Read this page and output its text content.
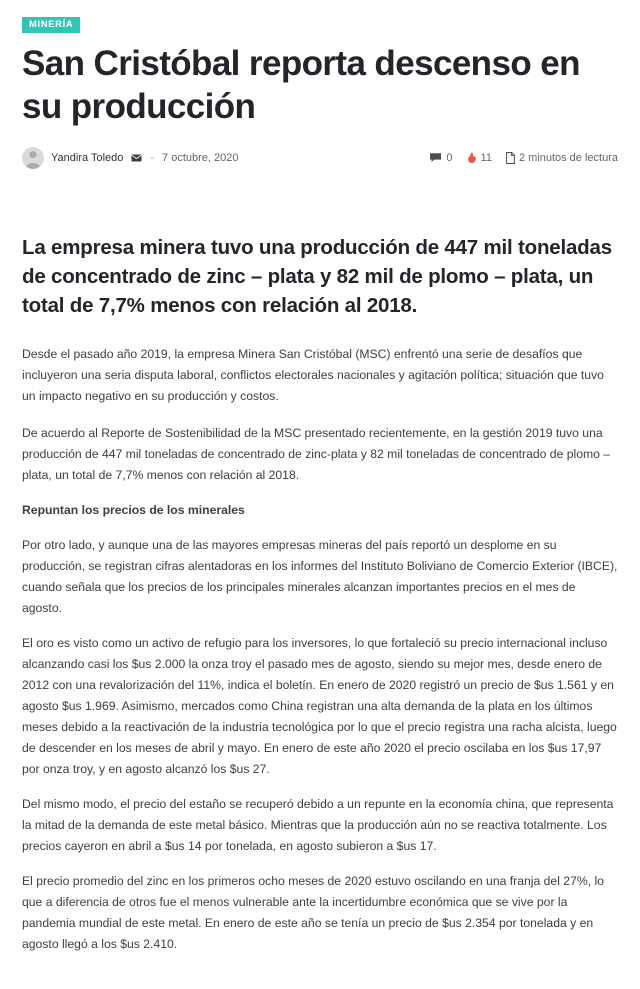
MINERÍA
San Cristóbal reporta descenso en su producción
Yandira Toledo - 7 octubre, 2020	0	11 2 minutos de lectura
La empresa minera tuvo una producción de 447 mil toneladas de concentrado de zinc – plata y 82 mil de plomo – plata, un total de 7,7% menos con relación al 2018.

Desde el pasado año 2019, la empresa Minera San Cristóbal (MSC) enfrentó una serie de desafíos que incluyeron una seria disputa laboral, conflictos electorales nacionales y agitación política; situación que tuvo un impacto negativo en su producción y costos.

De acuerdo al Reporte de Sostenibilidad de la MSC presentado recientemente, en la gestión 2019 tuvo una producción de 447 mil toneladas de concentrado de zinc-plata y 82 mil toneladas de concentrado de plomo – plata, un total de 7,7% menos con relación al 2018.

Repuntan los precios de los minerales

Por otro lado, y aunque una de las mayores empresas mineras del país reportó un desplome en su producción, se registran cifras alentadoras en los informes del Instituto Boliviano de Comercio Exterior (IBCE), cuando señala que los precios de los principales minerales alcanzan importantes precios en el mes de agosto.

El oro es visto como un activo de refugio para los inversores, lo que fortaleció su precio internacional incluso alcanzando casi los $us 2.000 la onza troy el pasado mes de agosto, siendo su mejor mes, desde enero de 2012 con una revalorización del 11%, indica el boletín. En enero de 2020 registró un precio de $us 1.561 y en agosto $us 1.969. Asimismo, mercados como China registran una alta demanda de la plata en los últimos meses debido a la reactivación de la industria tecnológica por lo que el precio registra una racha alcista, luego de descender en los meses de abril y mayo. En enero de este año 2020 el precio oscilaba en los $us 17,97 por onza troy, y en agosto alcanzó los $us 27.

Del mismo modo, el precio del estaño se recuperó debido a un repunte en la economía china, que representa la mitad de la demanda de este metal básico. Mientras que la producción aún no se reactiva totalmente. Los precios cayeron en abril a $us 14 por tonelada, en agosto subieron a $us 17.

El precio promedio del zinc en los primeros ocho meses de 2020 estuvo oscilando en una franja del 27%, lo que a diferencia de otros fue el menos vulnerable ante la incertidumbre económica que se vive por la pandemia mundial de este metal. En enero de este año se tenía un precio de $us 2.354 por tonelada y en agosto llegó a los $us 2.410.
